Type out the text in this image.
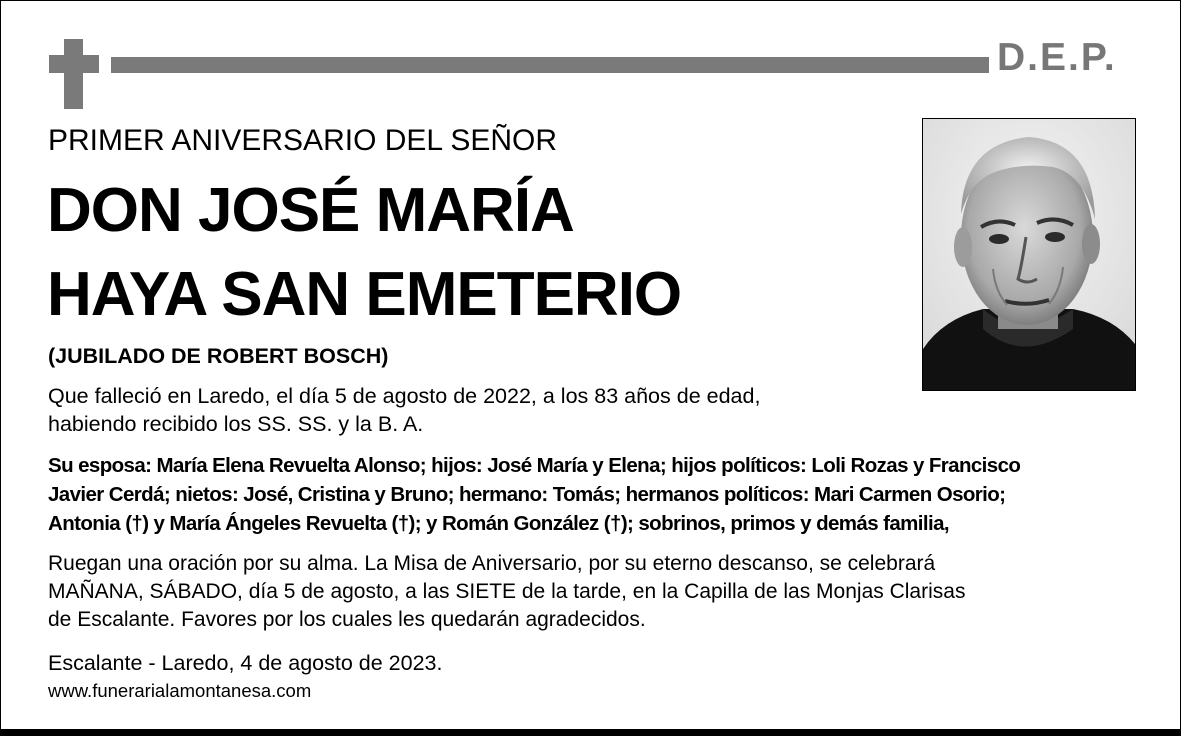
D.E.P.
PRIMER ANIVERSARIO DEL SEÑOR
DON JOSÉ MARÍA
HAYA SAN EMETERIO
(JUBILADO DE ROBERT BOSCH)
Que falleció en Laredo, el día 5 de agosto de 2022, a los 83 años de edad,
habiendo recibido los SS. SS. y la B. A.
Su esposa: María Elena Revuelta Alonso; hijos: José María y Elena; hijos políticos: Loli Rozas y Francisco
Javier Cerdá; nietos: José, Cristina y Bruno; hermano: Tomás; hermanos políticos: Mari Carmen Osorio;
Antonia (†) y María Ángeles Revuelta (†); y Román González (†); sobrinos, primos y demás familia,
Ruegan una oración por su alma. La Misa de Aniversario, por su eterno descanso, se celebrará
MAÑANA, SÁBADO, día 5 de agosto, a las SIETE de la tarde, en la Capilla de las Monjas Clarisas
de Escalante. Favores por los cuales les quedarán agradecidos.
Escalante - Laredo, 4 de agosto de 2023.
www.funerarialamontanesa.com
